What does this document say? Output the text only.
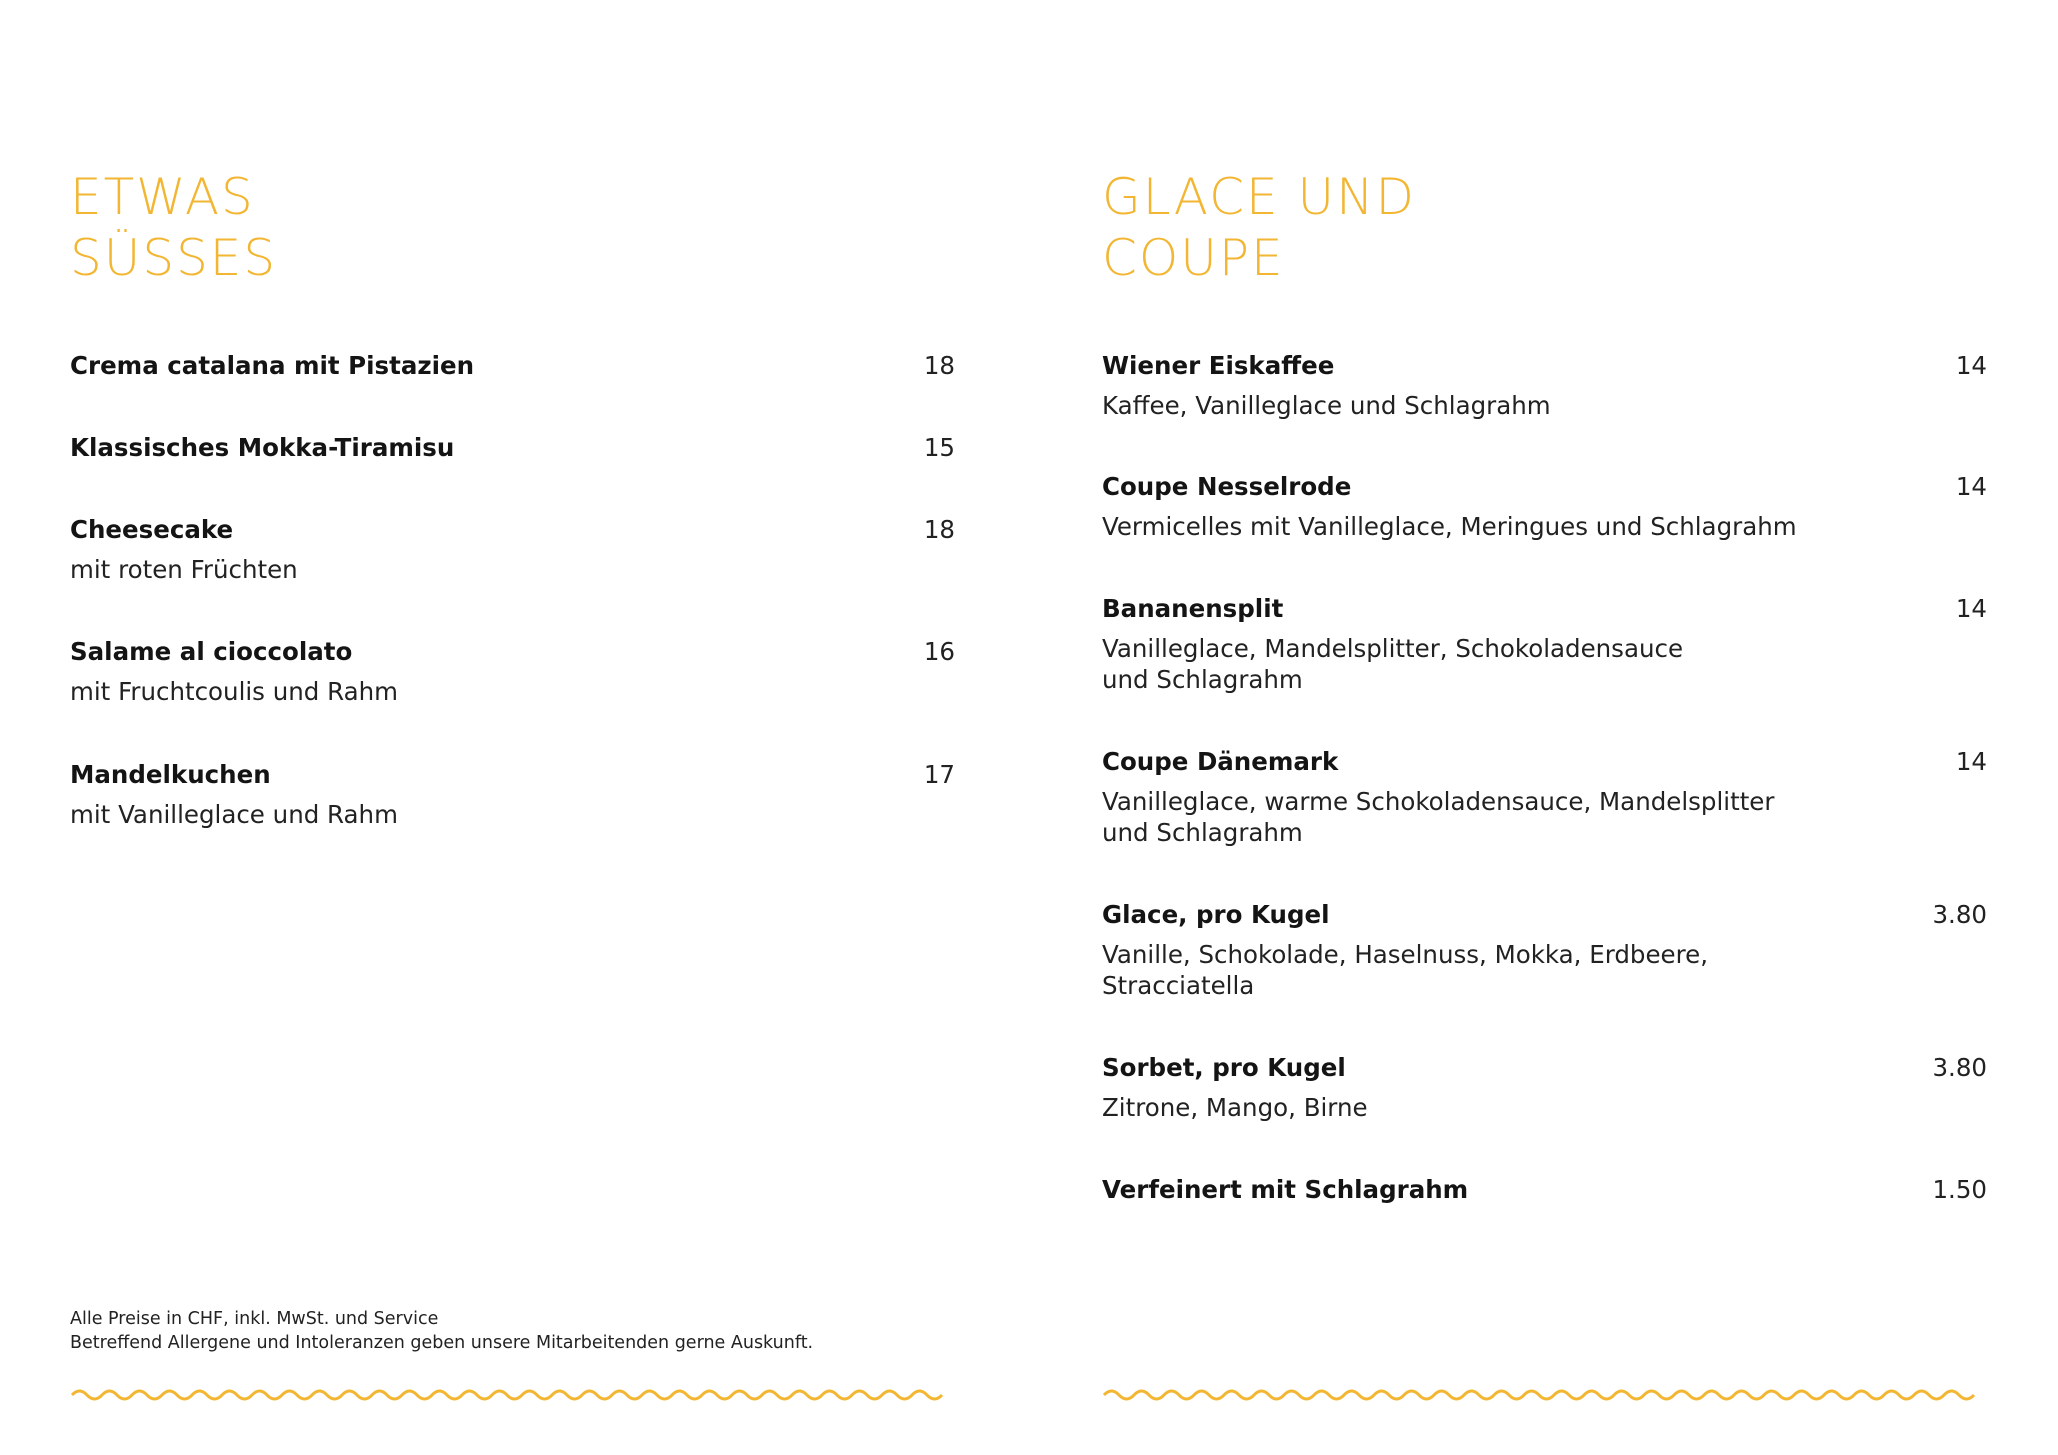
ETWAS
SÜSSES
Crema catalana mit Pistazien	18
Klassisches Mokka-Tiramisu	15
Cheesecake	18
mit roten Früchten
Salame al cioccolato	16
mit Fruchtcoulis und Rahm
Mandelkuchen	17
mit Vanilleglace und Rahm
GLACE UND
COUPE
Wiener Eiskaffee	14
Kaffee, Vanilleglace und Schlagrahm
Coupe Nesselrode	14
Vermicelles mit Vanilleglace, Meringues und Schlagrahm
Bananensplit	14
Vanilleglace, Mandelsplitter, Schokoladensauce
und Schlagrahm
Coupe Dänemark	14
Vanilleglace, warme Schokoladensauce, Mandelsplitter
und Schlagrahm
Glace, pro Kugel	3.80
Vanille, Schokolade, Haselnuss, Mokka, Erdbeere,
Stracciatella
Sorbet, pro Kugel	3.80
Zitrone, Mango, Birne
Verfeinert mit Schlagrahm	1.50
Alle Preise in CHF, inkl. MwSt. und Service
Betreffend Allergene und Intoleranzen geben unsere Mitarbeitenden gerne Auskunft.
